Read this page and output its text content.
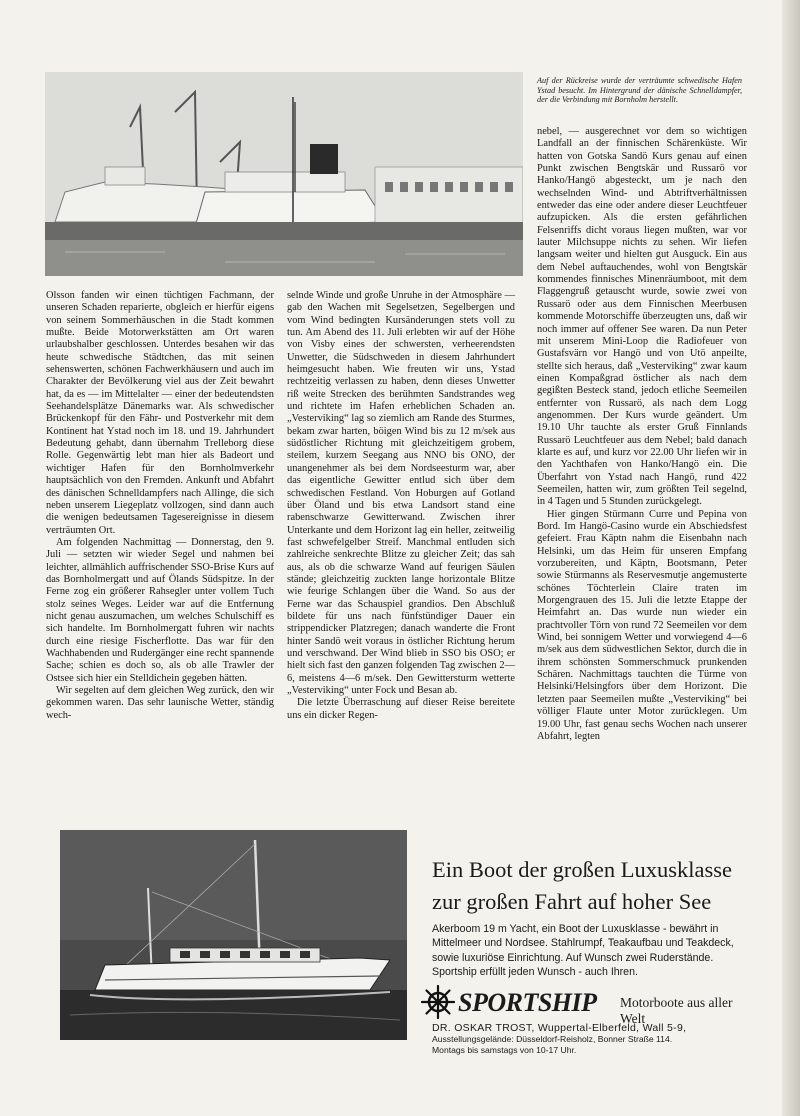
Auf der Rückreise wurde der verträumte schwedische Hafen Ystad besucht. Im Hintergrund der dänische Schnelldampfer, der die Verbindung mit Bornholm herstellt.

Olsson fanden wir einen tüchtigen Fachmann, der unseren Schaden reparierte, obgleich er hierfür eigens von seinem Sommerhäuschen in die Stadt kommen mußte. Beide Motorwerkstätten am Ort waren urlaubshalber geschlossen. Unterdes besahen wir das heute schwedische Städtchen, das mit seinen sehenswerten, schönen Fachwerkhäusern und auch im Charakter der Bevölkerung viel aus der Zeit bewahrt hat, da es — im Mittelalter — einer der bedeutendsten Seehandelsplätze Dänemarks war. Als schwedischer Brückenkopf für den Fähr- und Postverkehr mit dem Kontinent hat Ystad noch im 18. und 19. Jahrhundert Bedeutung gehabt, dann übernahm Trelleborg diese Rolle. Gegenwärtig lebt man hier als Badeort und wichtiger Hafen für den Bornholmverkehr hauptsächlich von den Fremden. Ankunft und Abfahrt des dänischen Schnelldampfers nach Allinge, die sich neben unserem Liegeplatz vollzogen, sind dann auch die wenigen bedeutsamen Tagesereignisse in diesem verträumten Ort.

Am folgenden Nachmittag — Donnerstag, den 9. Juli — setzten wir wieder Segel und nahmen bei leichter, allmählich auffrischender SSO-Brise Kurs auf das Bornholmergatt und auf Ölands Südspitze. In der Ferne zog ein größerer Rahsegler unter vollem Tuch stolz seines Weges. Leider war auf die Entfernung nicht genau auszumachen, um welches Schulschiff es sich handelte. Im Bornholmergatt fuhren wir nachts durch eine riesige Fischerflotte. Das war für den Wachhabenden und Rudergänger eine recht spannende Sache; schien es doch so, als ob alle Trawler der Ostsee sich hier ein Stelldichein gegeben hätten.

Wir segelten auf dem gleichen Weg zurück, den wir gekommen waren. Das sehr launische Wetter, ständig wech-

selnde Winde und große Unruhe in der Atmosphäre — gab den Wachen mit Segelsetzen, Segelbergen und vom Wind bedingten Kursänderungen stets voll zu tun. Am Abend des 11. Juli erlebten wir auf der Höhe von Visby eines der schwersten, verheerendsten Unwetter, die Südschweden in diesem Jahrhundert heimgesucht haben. Wie freuten wir uns, Ystad rechtzeitig verlassen zu haben, denn dieses Unwetter riß weite Strecken des berühmten Sandstrandes weg und richtete im Hafen erheblichen Schaden an. „Vesterviking“ lag so ziemlich am Rande des Sturmes, bekam zwar harten, böigen Wind bis zu 12 m/sek aus südöstlicher Richtung mit gleichzeitigem grobem, steilem, kurzem Seegang aus NNO bis ONO, der unangenehmer als bei dem Nordseesturm war, aber das eigentliche Gewitter entlud sich über dem schwedischen Festland. Von Hoburgen auf Gotland über Öland und bis etwa Landsort stand eine rabenschwarze Gewitterwand. Zwischen ihrer Unterkante und dem Horizont lag ein heller, zeitweilig fast schwefelgelber Streif. Manchmal entluden sich zahlreiche senkrechte Blitze zu gleicher Zeit; das sah aus, als ob die schwarze Wand auf feurigen Säulen stände; gleichzeitig zuckten lange horizontale Blitze wie feurige Schlangen über die Wand. So aus der Ferne war das Schauspiel grandios. Den Abschluß bildete für uns nach fünfstündiger Dauer ein strippendicker Platzregen; danach wanderte die Front hinter Sandö weit voraus in östlicher Richtung herum und verschwand. Der Wind blieb in SSO bis OSO; er hielt sich fast den ganzen folgenden Tag zwischen 2—6, meistens 4—6 m/sek. Den Gewittersturm wetterte „Vesterviking“ unter Fock und Besan ab.

Die letzte Überraschung auf dieser Reise bereitete uns ein dicker Regen-

nebel, — ausgerechnet vor dem so wichtigen Landfall an der finnischen Schärenküste. Wir hatten von Gotska Sandö Kurs genau auf einen Punkt zwischen Bengtskär und Russarö vor Hanko/Hangö abgesteckt, um je nach den wechselnden Wind- und Abtriftverhältnissen entweder das eine oder andere dieser Leuchtfeuer aufzupicken. Als die ersten gefährlichen Felsenriffs dicht voraus liegen mußten, war vor lauter Milchsuppe nichts zu sehen. Wir liefen langsam weiter und hielten gut Ausguck. Ein aus dem Nebel auftauchendes, wohl von Bengtskär kommendes finnisches Minenräumboot, mit dem Flaggengruß getauscht wurde, sowie zwei von Russarö oder aus dem Finnischen Meerbusen kommende Motorschiffe überzeugten uns, daß wir noch immer auf offener See waren. Da nun Peter mit unserem Mini-Loop die Radiofeuer von Gustafsvärn vor Hangö und von Utö anpeilte, stellte sich heraus, daß „Vesterviking“ zwar kaum einen Kompaßgrad östlicher als nach dem gegißten Besteck stand, jedoch etliche Seemeilen entfernter von Russarö, als nach dem Logg angenommen. Der Kurs wurde geändert. Um 19.10 Uhr tauchte als erster Gruß Finnlands Russarö Leuchtfeuer aus dem Nebel; bald danach klarte es auf, und kurz vor 22.00 Uhr liefen wir in den Yachthafen von Hanko/Hangö ein. Die Überfahrt von Ystad nach Hangö, rund 422 Seemeilen, hatten wir, zum größten Teil segelnd, in 4 Tagen und 5 Stunden zurückgelegt.

Hier gingen Stürmann Curre und Pepina von Bord. Im Hangö-Casino wurde ein Abschiedsfest gefeiert. Frau Käptn nahm die Eisenbahn nach Helsinki, um das Heim für unseren Empfang vorzubereiten, und Käptn, Bootsmann, Peter sowie Stürmanns als Reservesmutje angemusterte schönes Töchterlein Claire traten im Morgengrauen des 15. Juli die letzte Etappe der Heimfahrt an. Das wurde nun wieder ein prachtvoller Törn von rund 72 Seemeilen vor dem Wind, bei sonnigem Wetter und vorwiegend 4—6 m/sek aus dem südwestlichen Sektor, durch die in ihrem schönsten Sommerschmuck prunkenden Schären. Nachmittags tauchten die Türme von Helsinki/Helsingfors über dem Horizont. Die letzten paar Seemeilen mußte „Vesterviking“ bei völliger Flaute unter Motor zurücklegen. Um 19.00 Uhr, fast genau sechs Wochen nach unserer Abfahrt, legten

Ein Boot der großen Luxusklasse
zur großen Fahrt auf hoher See
Akerboom 19 m Yacht, ein Boot der Luxusklasse - bewährt in Mittelmeer und Nordsee. Stahlrumpf, Teakaufbau und Teakdeck, sowie luxuriöse Einrichtung. Auf Wunsch zwei Ruderstände. Sportship erfüllt jeden Wunsch - auch Ihren.
SPORTSHIP Motorboote aus aller Welt
DR. OSKAR TROST, Wuppertal-Elberfeld, Wall 5-9,
Ausstellungsgelände: Düsseldorf-Reisholz, Bonner Straße 114.
Montags bis samstags von 10-17 Uhr.
